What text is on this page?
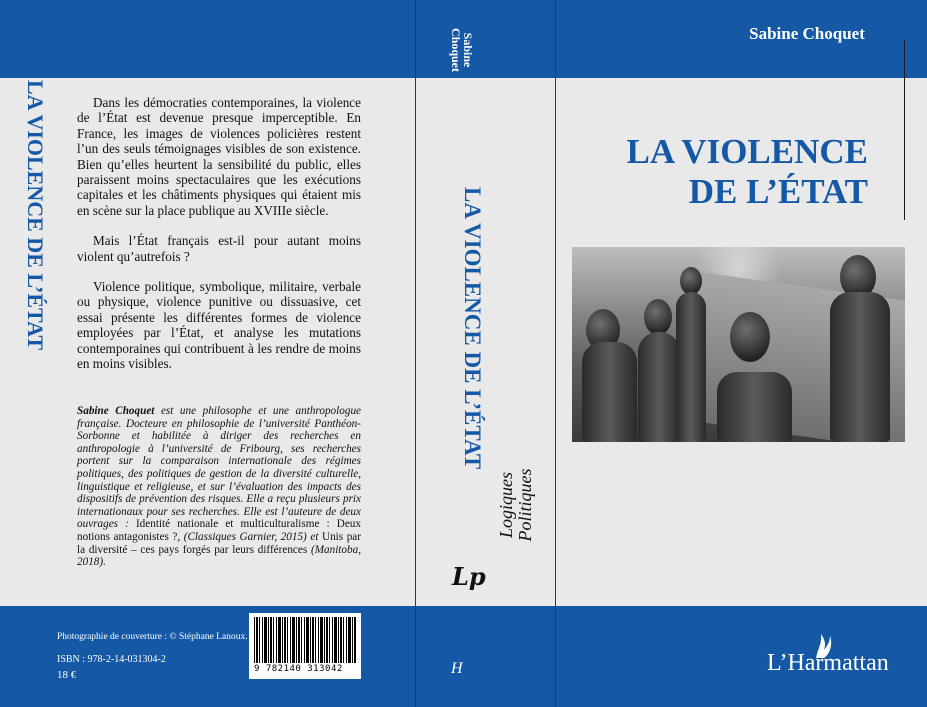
Sabine Choquet
Sabine
Choquet
LA VIOLENCE DE L’ÉTAT	Dans les démocraties contemporaines, la violence de l’État est devenue presque imperceptible. En France, les images de violences policières restent l’un des seuls témoignages visibles de son existence. Bien qu’elles heurtent la sensibilité du public, elles paraissent moins spectaculaires que les exécutions capitales et les châtiments physiques qui étaient mis en scène sur la place publique au XVIIIe siècle.

Mais l’État français est-il pour autant moins violent qu’autrefois ?

Violence politique, symbolique, militaire, verbale ou physique, violence punitive ou dissuasive, cet essai présente les différentes formes de violence employées par l’État, et analyse les mutations contemporaines qui contribuent à les rendre de moins en moins visibles.

Sabine Choquet est une philosophe et une anthropologue française. Docteure en philosophie de l’université Panthéon-Sorbonne et habilitée à diriger des recherches en anthropologie à l’université de Fribourg, ses recherches portent sur la comparaison internationale des régimes politiques, des politiques de gestion de la diversité culturelle, linguistique et religieuse, et sur l’évaluation des impacts des dispositifs de prévention des risques. Elle a reçu plusieurs prix internationaux pour ses recherches. Elle est l’auteure de deux ouvrages : Identité nationale et multiculturalisme : Deux notions antagonistes ?, (Classiques Garnier, 2015) et Unis par la diversité – ces pays forgés par leurs différences (Manitoba, 2018).
LA VIOLENCE DE L’ÉTAT
Logiques Politiques
Lp
LA VIOLENCE
DE L’ÉTAT
Photographie de couverture : © Stéphane Lanoux.
ISBN : 978-2-14-031304-2
18 €	9 782140 313042	H	L’Harmattan
